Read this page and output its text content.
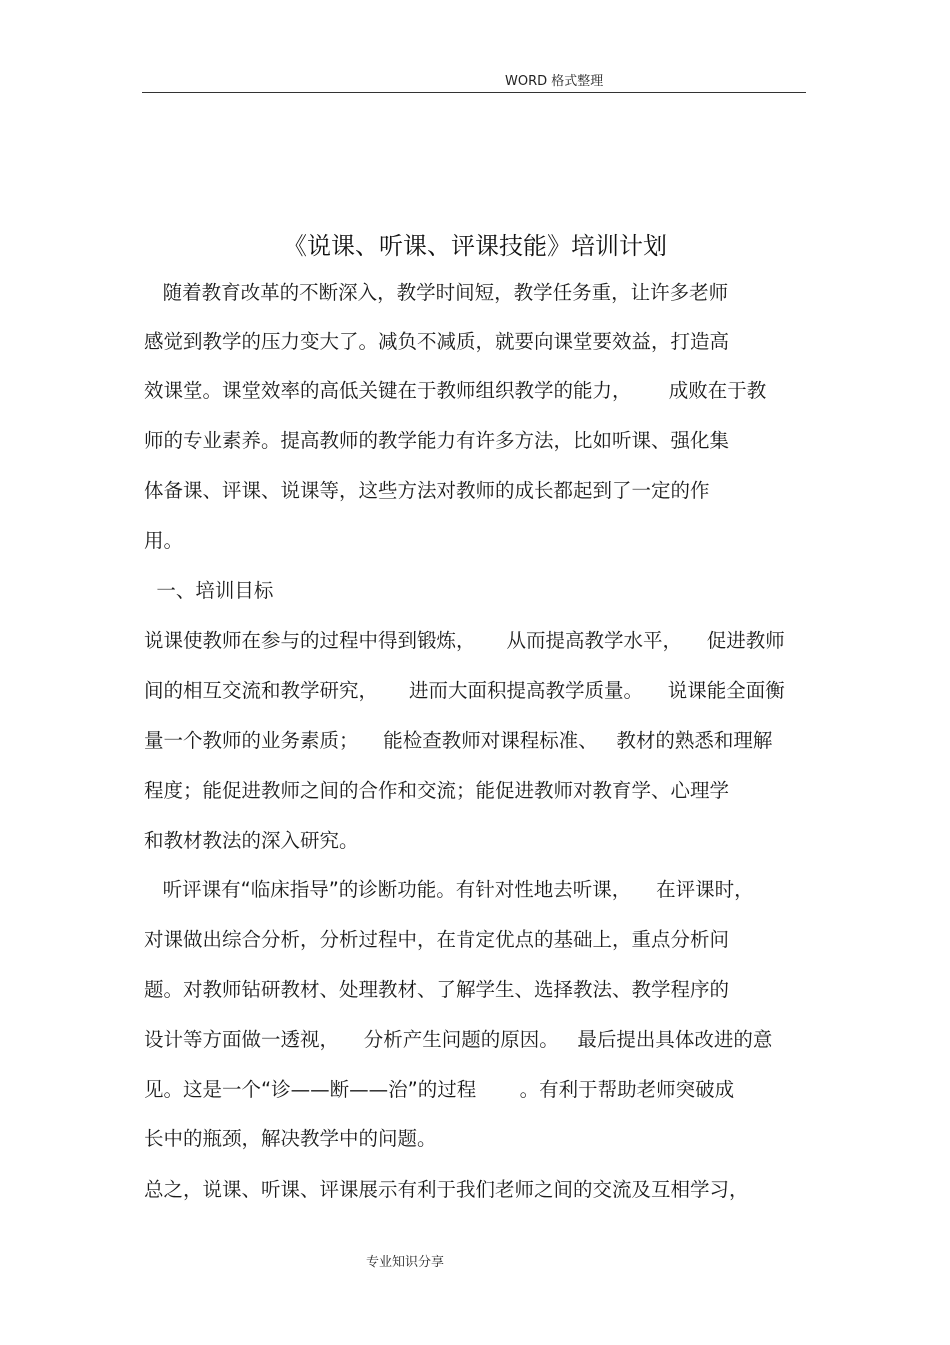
WORD 格式整理
《说课、听课、评课技能》培训计划
随着教育改革的不断深入，教学时间短，教学任务重，让许多老师
感觉到教学的压力变大了。减负不减质，就要向课堂要效益，打造高
效课堂。课堂效率的高低关键在于教师组织教学的能力，      成败在于教
师的专业素养。提高教师的教学能力有许多方法，比如听课、强化集
体备课、评课、说课等，这些方法对教师的成长都起到了一定的作
用。
一、培训目标
说课使教师在参与的过程中得到锻炼，     从而提高教学水平，    促进教师
间的相互交流和教学研究，     进而大面积提高教学质量。    说课能全面衡
量一个教师的业务素质；    能检查教师对课程标准、   教材的熟悉和理解
程度；能促进教师之间的合作和交流；能促进教师对教育学、心理学
和教材教法的深入研究。
听评课有“临床指导”的诊断功能。有针对性地去听课，    在评课时，
对课做出综合分析，分析过程中，在肯定优点的基础上，重点分析问
题。对教师钻研教材、处理教材、了解学生、选择教法、教学程序的
设计等方面做一透视，    分析产生问题的原因。   最后提出具体改进的意
见。这是一个“诊——断——治”的过程       。有利于帮助老师突破成
长中的瓶颈，解决教学中的问题。
总之，说课、听课、评课展示有利于我们老师之间的交流及互相学习，
专业知识分享
